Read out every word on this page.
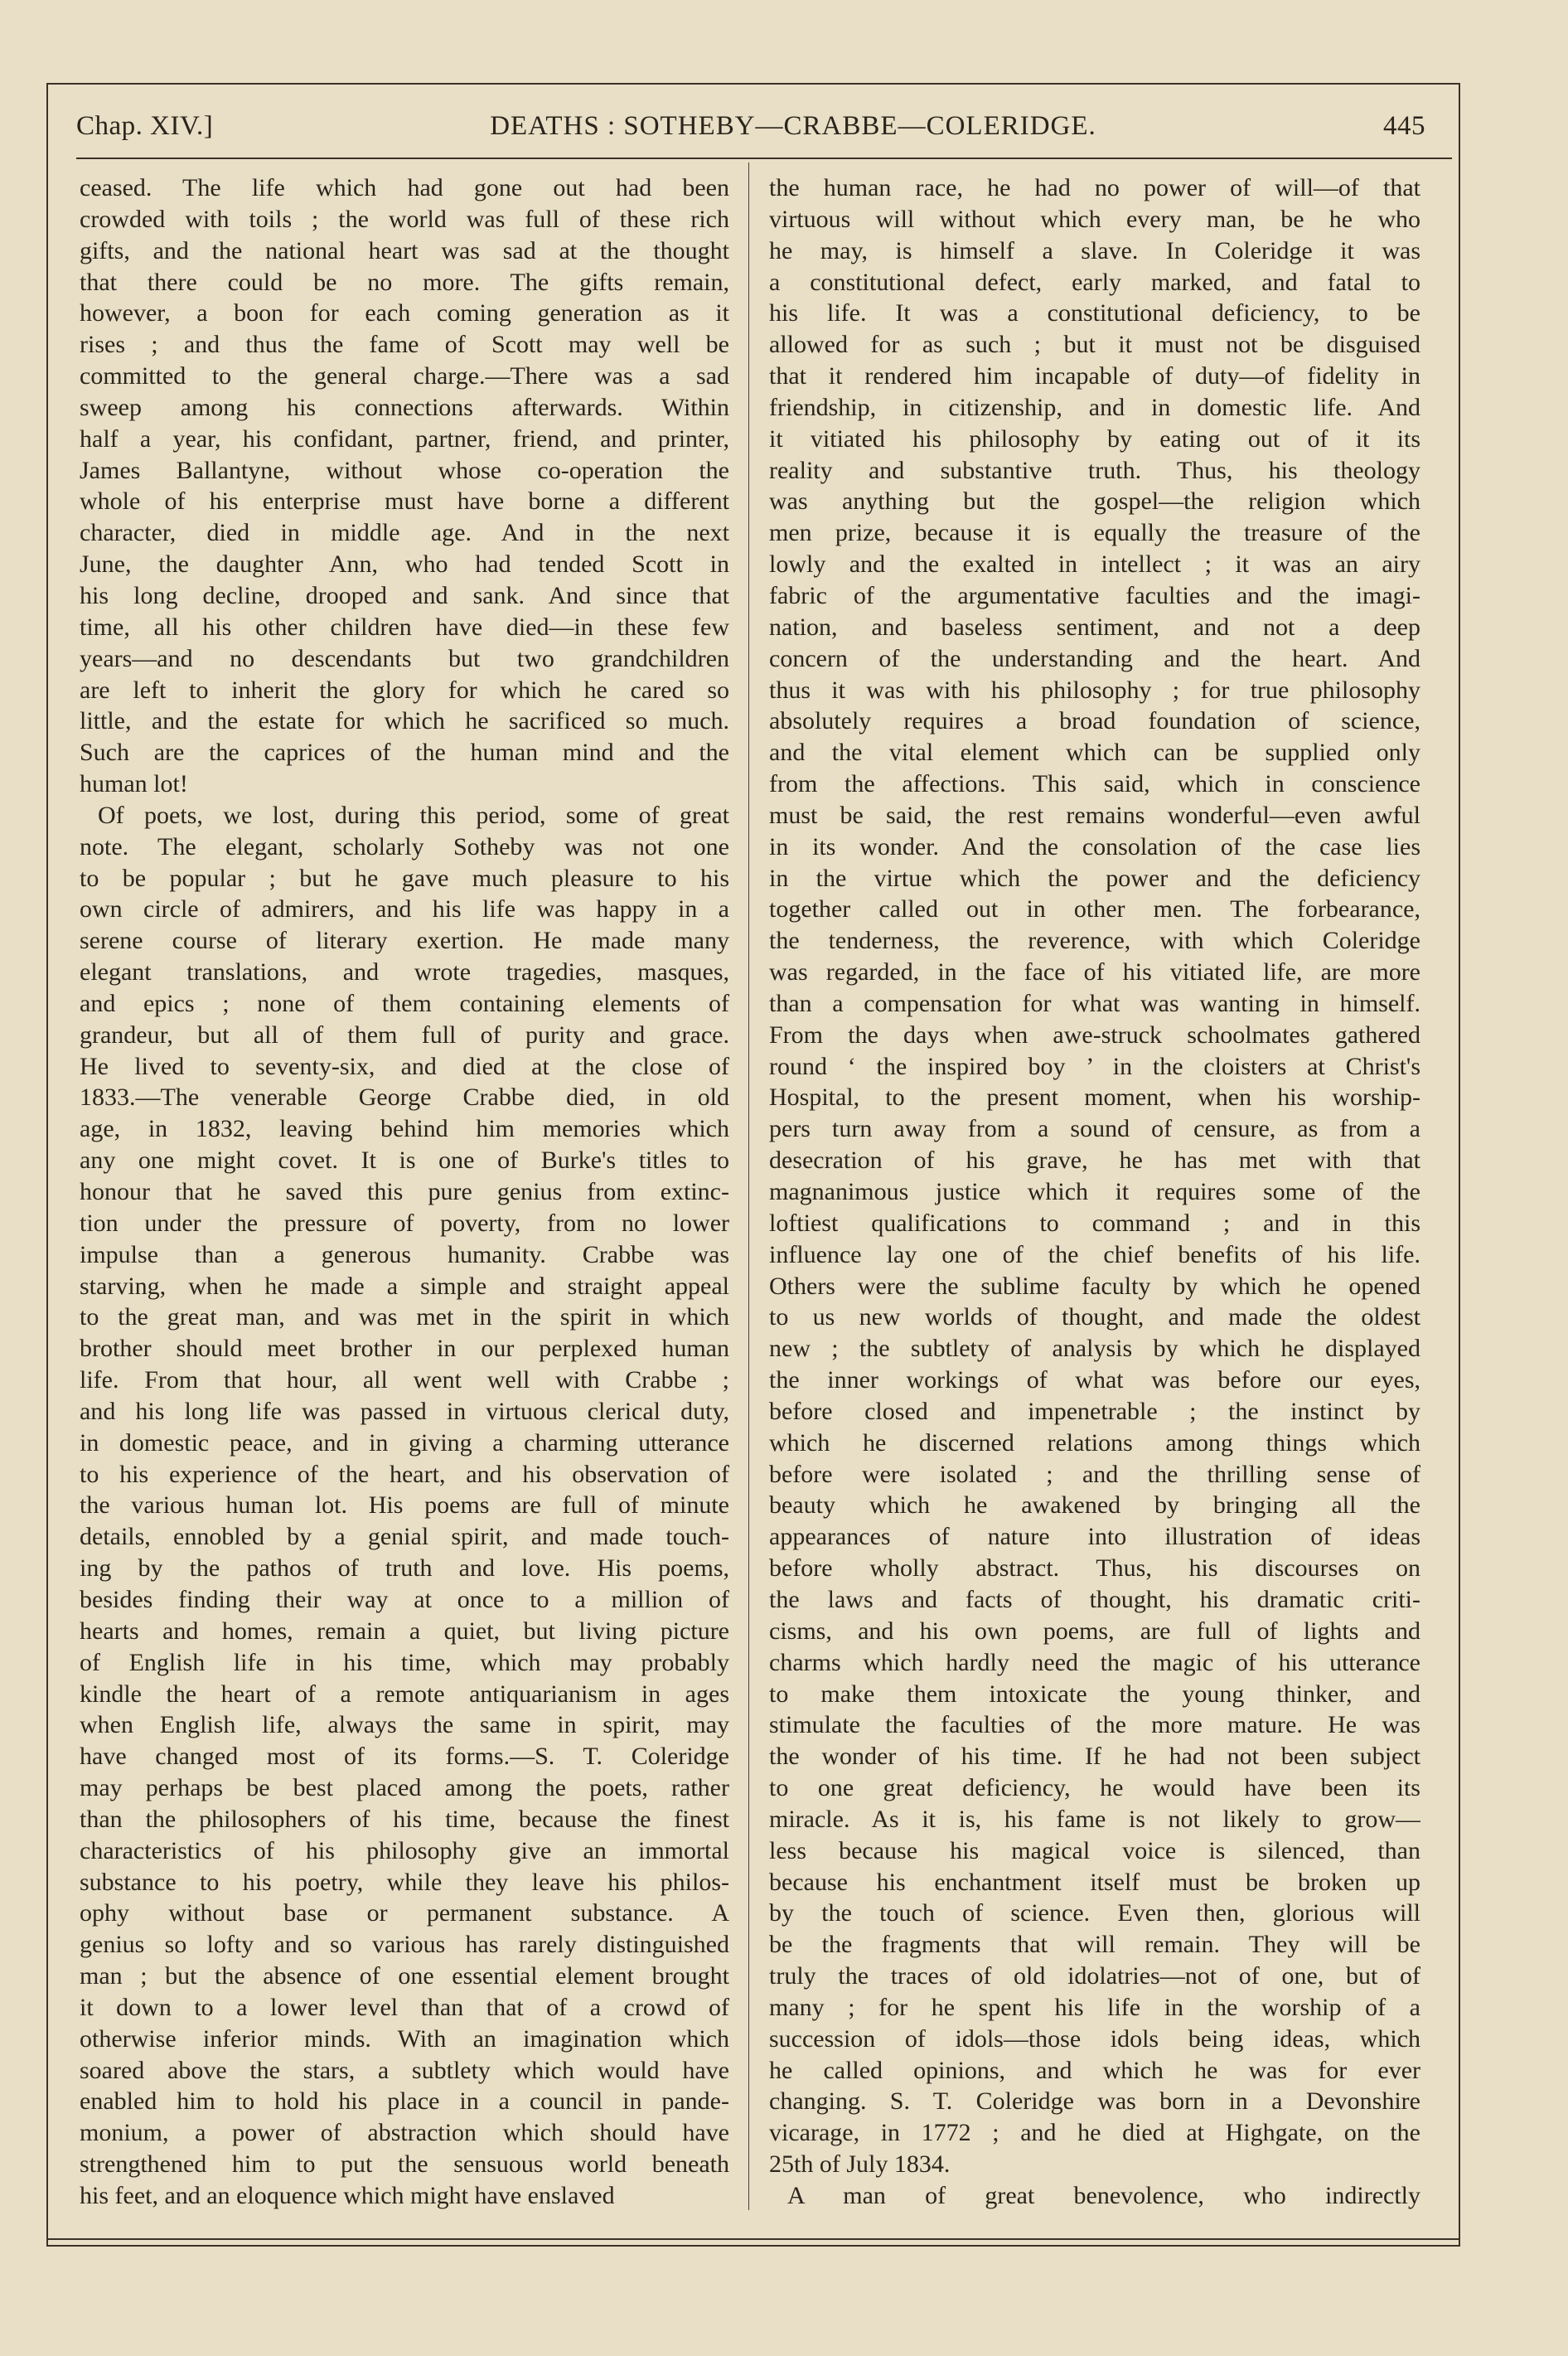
Chap. XIV.]	DEATHS : SOTHEBY—CRABBE—COLERIDGE.	445
ceased. The life which had gone out had been
crowded with toils ; the world was full of these rich
gifts, and the national heart was sad at the thought
that there could be no more. The gifts remain,
however, a boon for each coming generation as it
rises ; and thus the fame of Scott may well be
committed to the general charge.—There was a sad
sweep among his connections afterwards. Within
half a year, his confidant, partner, friend, and printer,
James Ballantyne, without whose co-operation the
whole of his enterprise must have borne a different
character, died in middle age. And in the next
June, the daughter Ann, who had tended Scott in
his long decline, drooped and sank. And since that
time, all his other children have died—in these few
years—and no descendants but two grandchildren
are left to inherit the glory for which he cared so
little, and the estate for which he sacrificed so much.
Such are the caprices of the human mind and the
human lot!
Of poets, we lost, during this period, some of great
note. The elegant, scholarly Sotheby was not one
to be popular ; but he gave much pleasure to his
own circle of admirers, and his life was happy in a
serene course of literary exertion. He made many
elegant translations, and wrote tragedies, masques,
and epics ; none of them containing elements of
grandeur, but all of them full of purity and grace.
He lived to seventy-six, and died at the close of
1833.—The venerable George Crabbe died, in old
age, in 1832, leaving behind him memories which
any one might covet. It is one of Burke's titles to
honour that he saved this pure genius from extinc-
tion under the pressure of poverty, from no lower
impulse than a generous humanity. Crabbe was
starving, when he made a simple and straight appeal
to the great man, and was met in the spirit in which
brother should meet brother in our perplexed human
life. From that hour, all went well with Crabbe ;
and his long life was passed in virtuous clerical duty,
in domestic peace, and in giving a charming utterance
to his experience of the heart, and his observation of
the various human lot. His poems are full of minute
details, ennobled by a genial spirit, and made touch-
ing by the pathos of truth and love. His poems,
besides finding their way at once to a million of
hearts and homes, remain a quiet, but living picture
of English life in his time, which may probably
kindle the heart of a remote antiquarianism in ages
when English life, always the same in spirit, may
have changed most of its forms.—S. T. Coleridge
may perhaps be best placed among the poets, rather
than the philosophers of his time, because the finest
characteristics of his philosophy give an immortal
substance to his poetry, while they leave his philos-
ophy without base or permanent substance. A
genius so lofty and so various has rarely distinguished
man ; but the absence of one essential element brought
it down to a lower level than that of a crowd of
otherwise inferior minds. With an imagination which
soared above the stars, a subtlety which would have
enabled him to hold his place in a council in pande-
monium, a power of abstraction which should have
strengthened him to put the sensuous world beneath
his feet, and an eloquence which might have enslaved
the human race, he had no power of will—of that
virtuous will without which every man, be he who
he may, is himself a slave. In Coleridge it was
a constitutional defect, early marked, and fatal to
his life. It was a constitutional deficiency, to be
allowed for as such ; but it must not be disguised
that it rendered him incapable of duty—of fidelity in
friendship, in citizenship, and in domestic life. And
it vitiated his philosophy by eating out of it its
reality and substantive truth. Thus, his theology
was anything but the gospel—the religion which
men prize, because it is equally the treasure of the
lowly and the exalted in intellect ; it was an airy
fabric of the argumentative faculties and the imagi-
nation, and baseless sentiment, and not a deep
concern of the understanding and the heart. And
thus it was with his philosophy ; for true philosophy
absolutely requires a broad foundation of science,
and the vital element which can be supplied only
from the affections. This said, which in conscience
must be said, the rest remains wonderful—even awful
in its wonder. And the consolation of the case lies
in the virtue which the power and the deficiency
together called out in other men. The forbearance,
the tenderness, the reverence, with which Coleridge
was regarded, in the face of his vitiated life, are more
than a compensation for what was wanting in himself.
From the days when awe-struck schoolmates gathered
round ‘ the inspired boy ’ in the cloisters at Christ's
Hospital, to the present moment, when his worship-
pers turn away from a sound of censure, as from a
desecration of his grave, he has met with that
magnanimous justice which it requires some of the
loftiest qualifications to command ; and in this
influence lay one of the chief benefits of his life.
Others were the sublime faculty by which he opened
to us new worlds of thought, and made the oldest
new ; the subtlety of analysis by which he displayed
the inner workings of what was before our eyes,
before closed and impenetrable ; the instinct by
which he discerned relations among things which
before were isolated ; and the thrilling sense of
beauty which he awakened by bringing all the
appearances of nature into illustration of ideas
before wholly abstract. Thus, his discourses on
the laws and facts of thought, his dramatic criti-
cisms, and his own poems, are full of lights and
charms which hardly need the magic of his utterance
to make them intoxicate the young thinker, and
stimulate the faculties of the more mature. He was
the wonder of his time. If he had not been subject
to one great deficiency, he would have been its
miracle. As it is, his fame is not likely to grow—
less because his magical voice is silenced, than
because his enchantment itself must be broken up
by the touch of science. Even then, glorious will
be the fragments that will remain. They will be
truly the traces of old idolatries—not of one, but of
many ; for he spent his life in the worship of a
succession of idols—those idols being ideas, which
he called opinions, and which he was for ever
changing. S. T. Coleridge was born in a Devonshire
vicarage, in 1772 ; and he died at Highgate, on the
25th of July 1834.
A man of great benevolence, who indirectly
